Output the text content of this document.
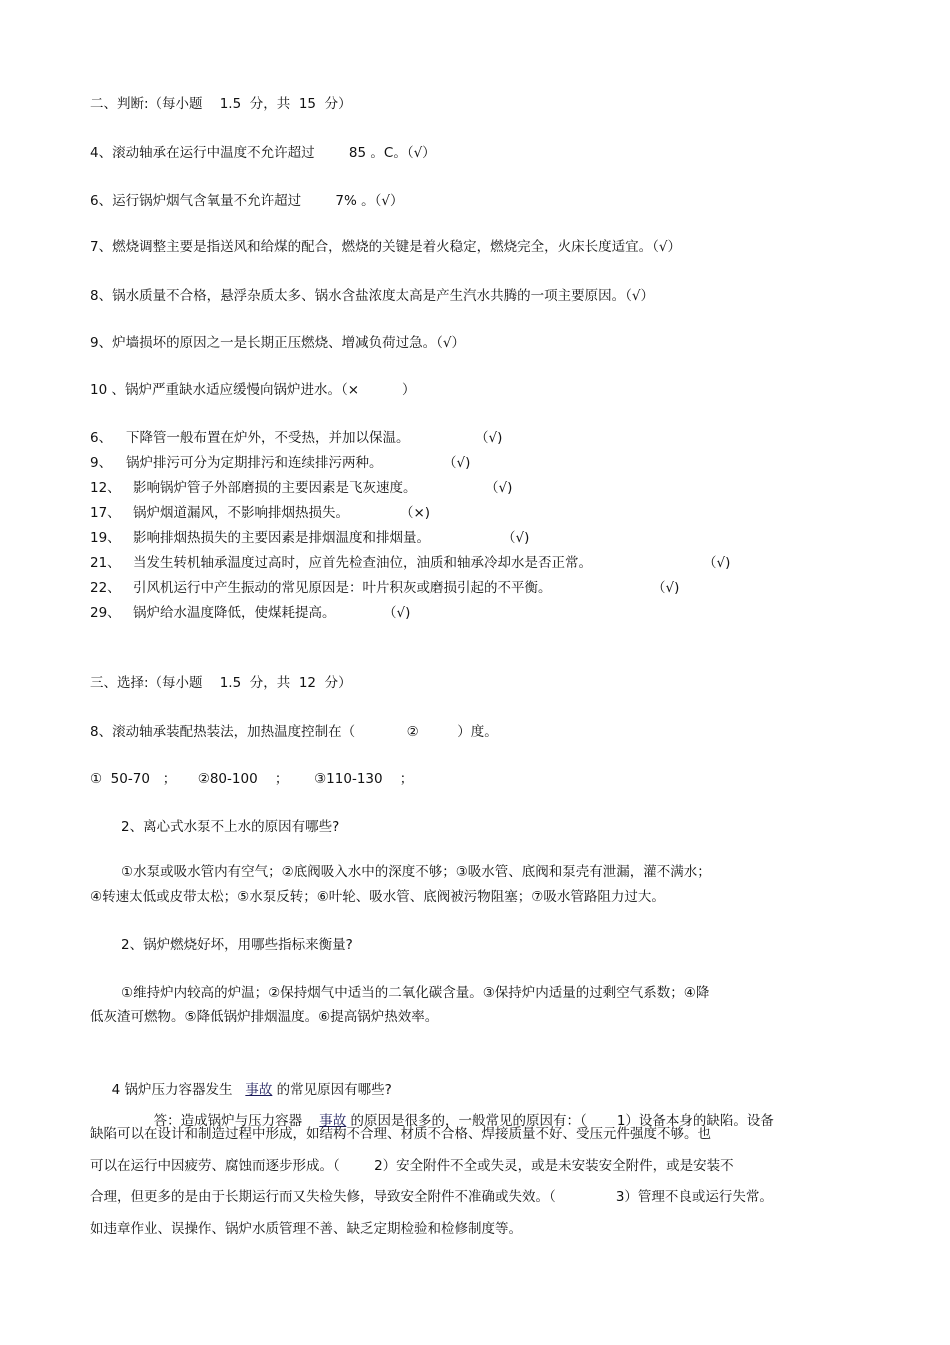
二、判断:（每小题    1.5  分，共  15  分）
4、滚动轴承在运行中温度不允许超过        85 。C。（√）
6、运行锅炉烟气含氧量不允许超过        7% 。（√）
7、燃烧调整主要是指送风和给煤的配合，燃烧的关键是着火稳定，燃烧完全，火床长度适宜。（√）
8、锅水质量不合格，悬浮杂质太多、锅水含盐浓度太高是产生汽水共腾的一项主要原因。（√）
9、炉墙损坏的原因之一是长期正压燃烧、增减负荷过急。（√）
10 、锅炉严重缺水适应缓慢向锅炉进水。（×          ）
6、 下降管一般布置在炉外，不受热，并加以保温。	（√)
9、 锅炉排污可分为定期排污和连续排污两种。	（√)
12、 影响锅炉管子外部磨损的主要因素是飞灰速度。	（√)
17、 锅炉烟道漏风，不影响排烟热损失。	（×)
19、 影响排烟热损失的主要因素是排烟温度和排烟量。	（√)
21、 当发生转机轴承温度过高时，应首先检查油位，油质和轴承冷却水是否正常。	（√)
22、 引风机运行中产生振动的常见原因是：叶片积灰或磨损引起的不平衡。	（√)
29、 锅炉给水温度降低，使煤耗提高。	（√)
三、选择:（每小题    1.5  分，共  12  分）
8、滚动轴承装配热装法，加热温度控制在（            ②         ）度。
①  50-70   ；     ②80-100    ；      ③110-130    ；
2、离心式水泵不上水的原因有哪些?
①水泵或吸水管内有空气；②底阀吸入水中的深度不够；③吸水管、底阀和泵壳有泄漏，灌不满水；
④转速太低或皮带太松；⑤水泵反转；⑥叶轮、吸水管、底阀被污物阻塞；⑦吸水管路阻力过大。
2、锅炉燃烧好坏，用哪些指标来衡量?
①维持炉内较高的炉温；②保持烟气中适当的二氧化碳含量。③保持炉内适量的过剩空气系数；④降
低灰渣可燃物。⑤降低锅炉排烟温度。⑥提高锅炉热效率。

4 锅炉压力容器发生   事故 的常见原因有哪些?

答：造成锅炉与压力容器    事故 的原因是很多的，一般常见的原因有：（       1）设备本身的缺陷。设备

缺陷可以在设计和制造过程中形成，如结构不合理、材质不合格、焊接质量不好、受压元件强度不够。也
可以在运行中因疲劳、腐蚀而逐步形成。（        2）安全附件不全或失灵，或是未安装安全附件，或是安装不
合理，但更多的是由于长期运行而又失检失修，导致安全附件不准确或失效。（              3）管理不良或运行失常。
如违章作业、误操作、锅炉水质管理不善、缺乏定期检验和检修制度等。
